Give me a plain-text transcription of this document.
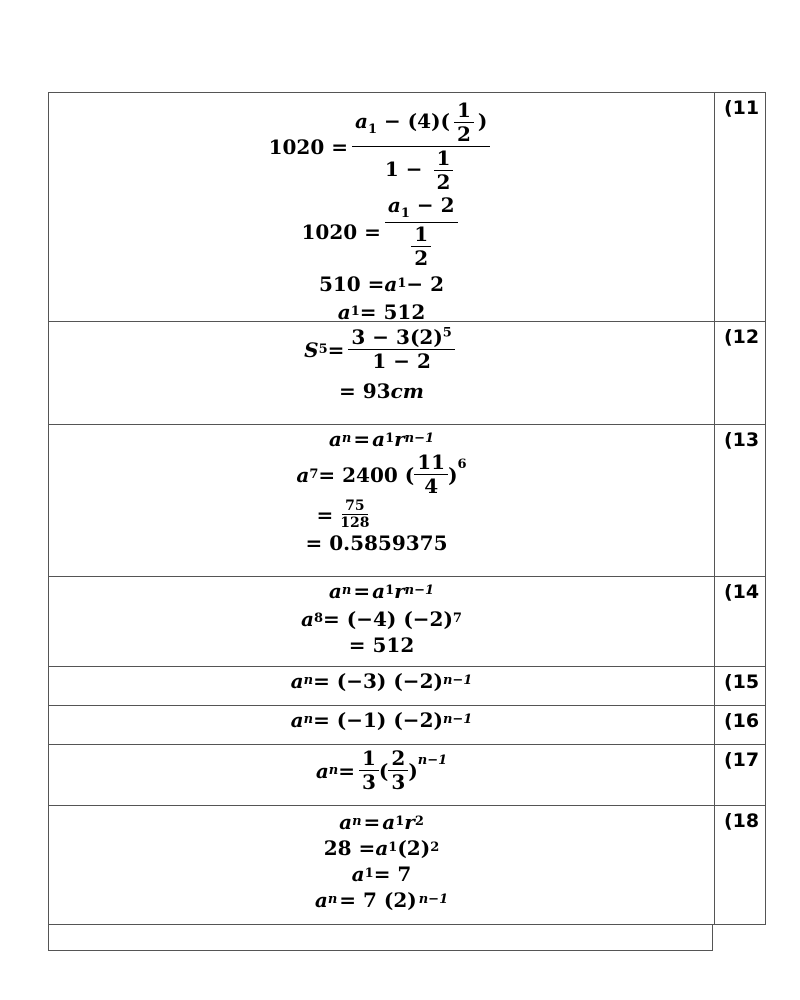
$1020 = \frac{a_1 - (4)( \frac{1}{2} )}{1 - \frac{1}{2}}$
$1020 = \frac{a_1 - 2}{\frac{1}{2}}$
510 = a 1 − 2
a 1 = 512
(11
S $5 = \frac{3 - 3(2)^5}{1 - 2}$
= 93 cm
(12
a n = a 1 r n−1
a 7 = 2400 ( $\frac{11}{4} )^6$
= $\frac{75}{128}$
= 0.5859375
(13
a n = a 1 r n−1
a 8 = (−4) (−2) 7
= 512
(14
a n = (−3) (−2) n−1	(15
a n = (−1) (−2) n−1	(16
a $n = \frac{1}{3}$ ( $\frac{2}{3}$ ) $^{n-1}$	(17
a n = a 1 r 2
28 = a 1 (2) 2
a 1 = 7
a n = 7 (2) n−1
(18
